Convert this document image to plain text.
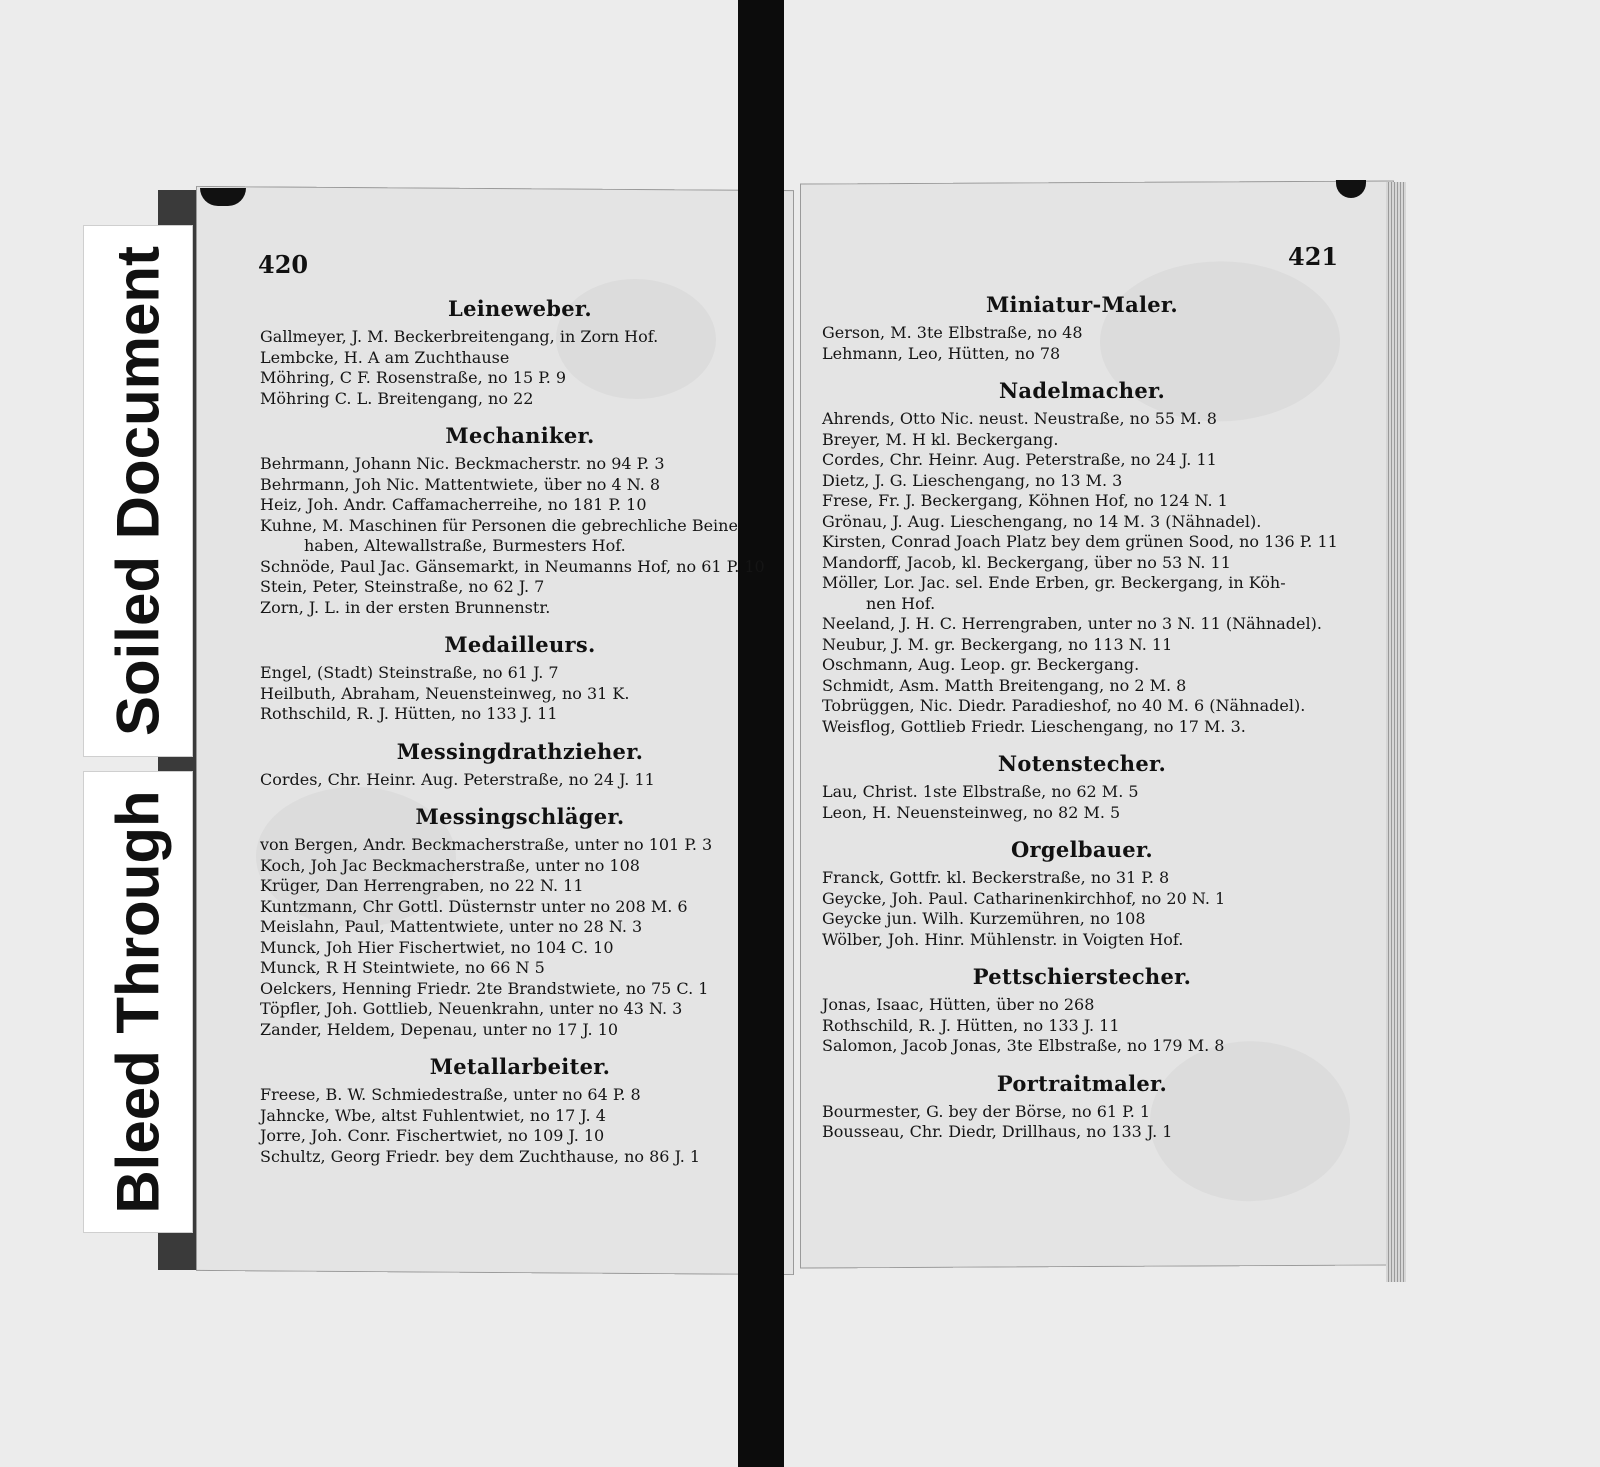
Soiled Document
Bleed Through
420	421
Leineweber.
Gallmeyer, J. M. Beckerbreitengang, in Zorn Hof.
Lembcke, H. A am Zuchthause
Möhring, C F. Rosenstraße, no 15 P. 9
Möhring C. L. Breitengang, no 22
Mechaniker.
Behrmann, Johann Nic. Beckmacherstr. no 94 P. 3
Behrmann, Joh Nic. Mattentwiete, über no 4 N. 8
Heiz, Joh. Andr. Caffamacherreihe, no 181 P. 10
Kuhne, M. Maschinen für Personen die gebrechliche Beine
haben, Altewallstraße, Burmesters Hof.
Schnöde, Paul Jac. Gänsemarkt, in Neumanns Hof, no 61 P. 10
Stein, Peter, Steinstraße, no 62 J. 7
Zorn, J. L. in der ersten Brunnenstr.
Medailleurs.
Engel, (Stadt) Steinstraße, no 61 J. 7
Heilbuth, Abraham, Neuensteinweg, no 31 K.
Rothschild, R. J. Hütten, no 133 J. 11
Messingdrathzieher.
Cordes, Chr. Heinr. Aug. Peterstraße, no 24 J. 11
Messingschläger.
von Bergen, Andr. Beckmacherstraße, unter no 101 P. 3
Koch, Joh Jac Beckmacherstraße, unter no 108
Krüger, Dan Herrengraben, no 22 N. 11
Kuntzmann, Chr Gottl. Düsternstr unter no 208 M. 6
Meislahn, Paul, Mattentwiete, unter no 28 N. 3
Munck, Joh Hier Fischertwiet, no 104 C. 10
Munck, R H Steintwiete, no 66 N 5
Oelckers, Henning Friedr. 2te Brandstwiete, no 75 C. 1
Töpfler, Joh. Gottlieb, Neuenkrahn, unter no 43 N. 3
Zander, Heldem, Depenau, unter no 17 J. 10
Metallarbeiter.
Freese, B. W. Schmiedestraße, unter no 64 P. 8
Jahncke, Wbe, altst Fuhlentwiet, no 17 J. 4
Jorre, Joh. Conr. Fischertwiet, no 109 J. 10
Schultz, Georg Friedr. bey dem Zuchthause, no 86 J. 1
Miniatur-Maler.
Gerson, M. 3te Elbstraße, no 48
Lehmann, Leo, Hütten, no 78
Nadelmacher.
Ahrends, Otto Nic. neust. Neustraße, no 55 M. 8
Breyer, M. H kl. Beckergang.
Cordes, Chr. Heinr. Aug. Peterstraße, no 24 J. 11
Dietz, J. G. Lieschengang, no 13 M. 3
Frese, Fr. J. Beckergang, Köhnen Hof, no 124 N. 1
Grönau, J. Aug. Lieschengang, no 14 M. 3 (Nähnadel).
Kirsten, Conrad Joach Platz bey dem grünen Sood, no 136 P. 11
Mandorff, Jacob, kl. Beckergang, über no 53 N. 11
Möller, Lor. Jac. sel. Ende Erben, gr. Beckergang, in Köh-
nen Hof.
Neeland, J. H. C. Herrengraben, unter no 3 N. 11 (Nähnadel).
Neubur, J. M. gr. Beckergang, no 113 N. 11
Oschmann, Aug. Leop. gr. Beckergang.
Schmidt, Asm. Matth Breitengang, no 2 M. 8
Tobrüggen, Nic. Diedr. Paradieshof, no 40 M. 6 (Nähnadel).
Weisflog, Gottlieb Friedr. Lieschengang, no 17 M. 3.
Notenstecher.
Lau, Christ. 1ste Elbstraße, no 62 M. 5
Leon, H. Neuensteinweg, no 82 M. 5
Orgelbauer.
Franck, Gottfr. kl. Beckerstraße, no 31 P. 8
Geycke, Joh. Paul. Catharinenkirchhof, no 20 N. 1
Geycke jun. Wilh. Kurzemühren, no 108
Wölber, Joh. Hinr. Mühlenstr. in Voigten Hof.
Pettschierstecher.
Jonas, Isaac, Hütten, über no 268
Rothschild, R. J. Hütten, no 133 J. 11
Salomon, Jacob Jonas, 3te Elbstraße, no 179 M. 8
Portraitmaler.
Bourmester, G. bey der Börse, no 61 P. 1
Bousseau, Chr. Diedr, Drillhaus, no 133 J. 1
